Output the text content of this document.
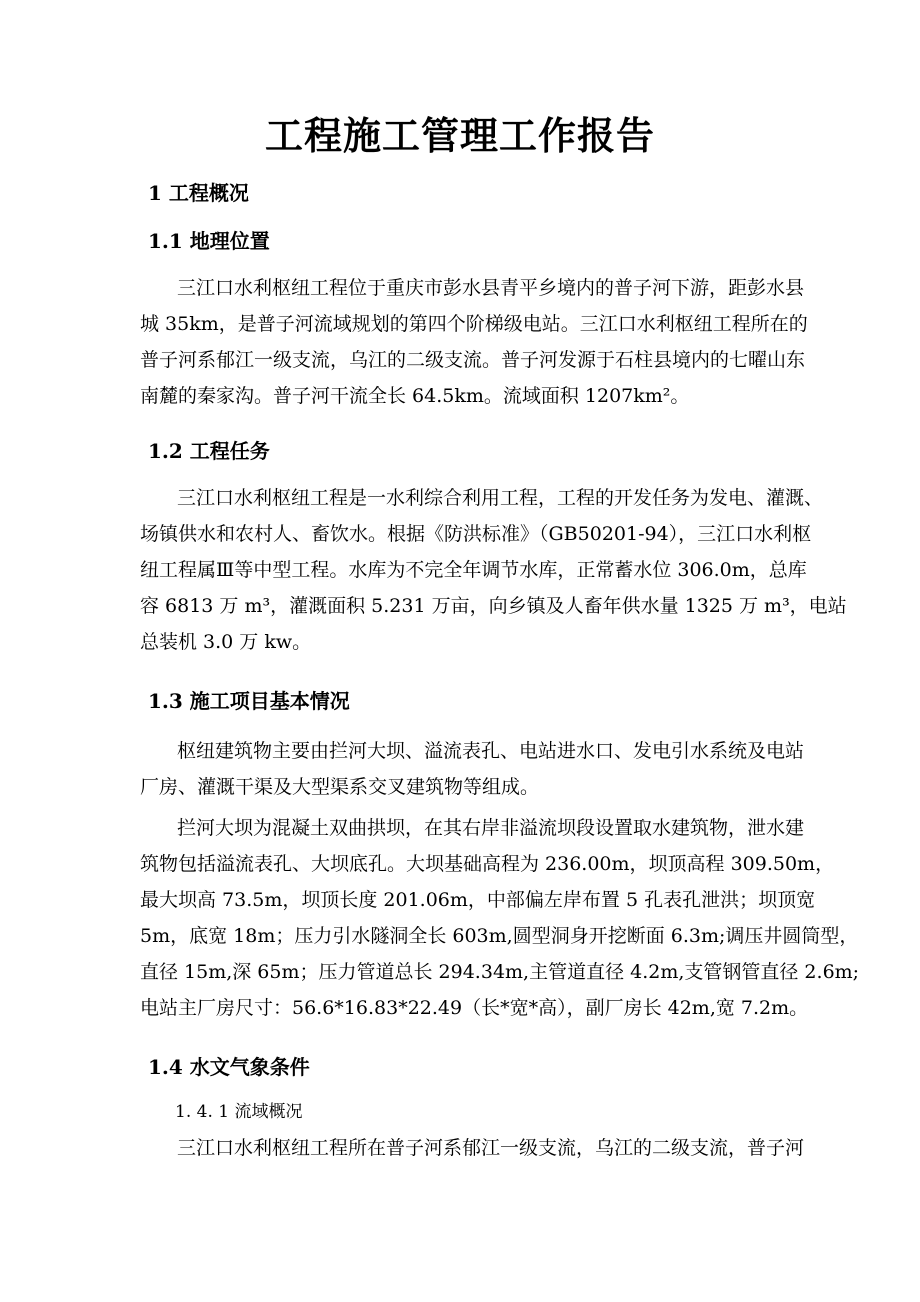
工程施工管理工作报告
1 工程概况
1.1 地理位置
三江口水利枢纽工程位于重庆市彭水县青平乡境内的普子河下游，距彭水县
城 35km，是普子河流域规划的第四个阶梯级电站。三江口水利枢纽工程所在的
普子河系郁江一级支流，乌江的二级支流。普子河发源于石柱县境内的七曜山东
南麓的秦家沟。普子河干流全长 64.5km。流域面积 1207km²。
1.2 工程任务
三江口水利枢纽工程是一水利综合利用工程，工程的开发任务为发电、灌溉、
场镇供水和农村人、畜饮水。根据《防洪标准》（GB50201-94），三江口水利枢
纽工程属Ⅲ等中型工程。水库为不完全年调节水库，正常蓄水位 306.0m，总库
容 6813 万 m³，灌溉面积 5.231 万亩，向乡镇及人畜年供水量 1325 万 m³，电站
总装机 3.0 万 kw。
1.3 施工项目基本情况
枢纽建筑物主要由拦河大坝、溢流表孔、电站进水口、发电引水系统及电站
厂房、灌溉干渠及大型渠系交叉建筑物等组成。
拦河大坝为混凝土双曲拱坝，在其右岸非溢流坝段设置取水建筑物，泄水建
筑物包括溢流表孔、大坝底孔。大坝基础高程为 236.00m，坝顶高程 309.50m，
最大坝高 73.5m，坝顶长度 201.06m，中部偏左岸布置 5 孔表孔泄洪；坝顶宽
5m，底宽 18m；压力引水隧洞全长 603m,圆型洞身开挖断面 6.3m;调压井圆筒型，
直径 15m,深 65m；压力管道总长 294.34m,主管道直径 4.2m,支管钢管直径 2.6m;
电站主厂房尺寸：56.6*16.83*22.49（长*宽*高），副厂房长 42m,宽 7.2m。
1.4 水文气象条件
1. 4. 1 流域概况
三江口水利枢纽工程所在普子河系郁江一级支流，乌江的二级支流，普子河
